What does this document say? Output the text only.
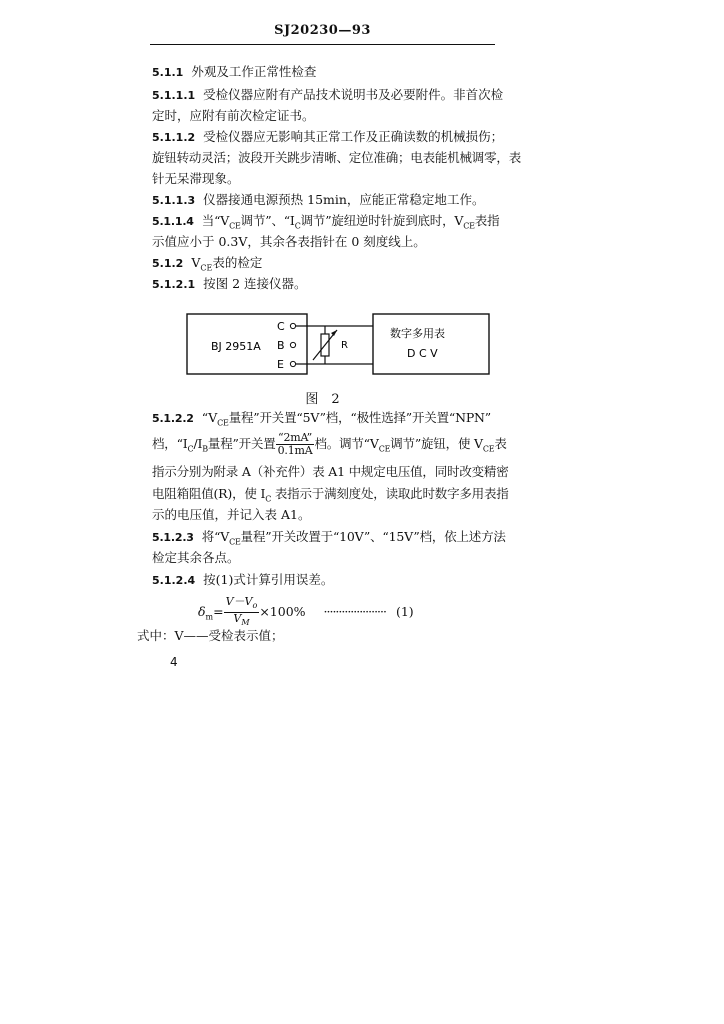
SJ20230—93
5.1.1 外观及工作正常性检查
5.1.1.1 受检仪器应附有产品技术说明书及必要附件。非首次检
定时，应附有前次检定证书。
5.1.1.2 受检仪器应无影响其正常工作及正确读数的机械损伤；
旋钮转动灵活；波段开关跳步清晰、定位准确；电表能机械调零，表
针无呆滞现象。
5.1.1.3 仪器接通电源预热 15min，应能正常稳定地工作。
5.1.1.4 当“$V_{CE}$调节”、“$I_C$调节”旋纽逆时针旋到底时，$V_{CE}$表指
示值应小于 0.3V，其余各表指针在 0 刻度线上。
5.1.2 $V_{CE}$表的检定
5.1.2.1 按图 2 连接仪器。
BJ 2951A
C
B
E
R
数字多用表
D C V
图　2
5.1.2.2 “$V_{CE}$量程”开关置“5V”档，“极性选择”开关置“NPN”
档，“$I_C/I_B$量程”开关置 $\frac{“2mA”}{0.1mA}$ 档。调节“$V_{CE}$调节”旋钮，使 $V_{CE}$表
指示分别为附录 A（补充件）表 A1 中规定电压值，同时改变精密
电阻箱阻值(R)，使 $I_C$ 表指示于满刻度处，读取此时数字多用表指
示的电压值，并记入表 A1。
5.1.2.3 将“$V_{CE}$量程”开关改置于“10V”、“15V”档，依上述方法
检定其余各点。
5.1.2.4 按(1)式计算引用误差。
$\delta_m= \frac{V-V_o}{V_M} \times 100\%$ ····················· (1)
式中：V——受检表示值；
4
